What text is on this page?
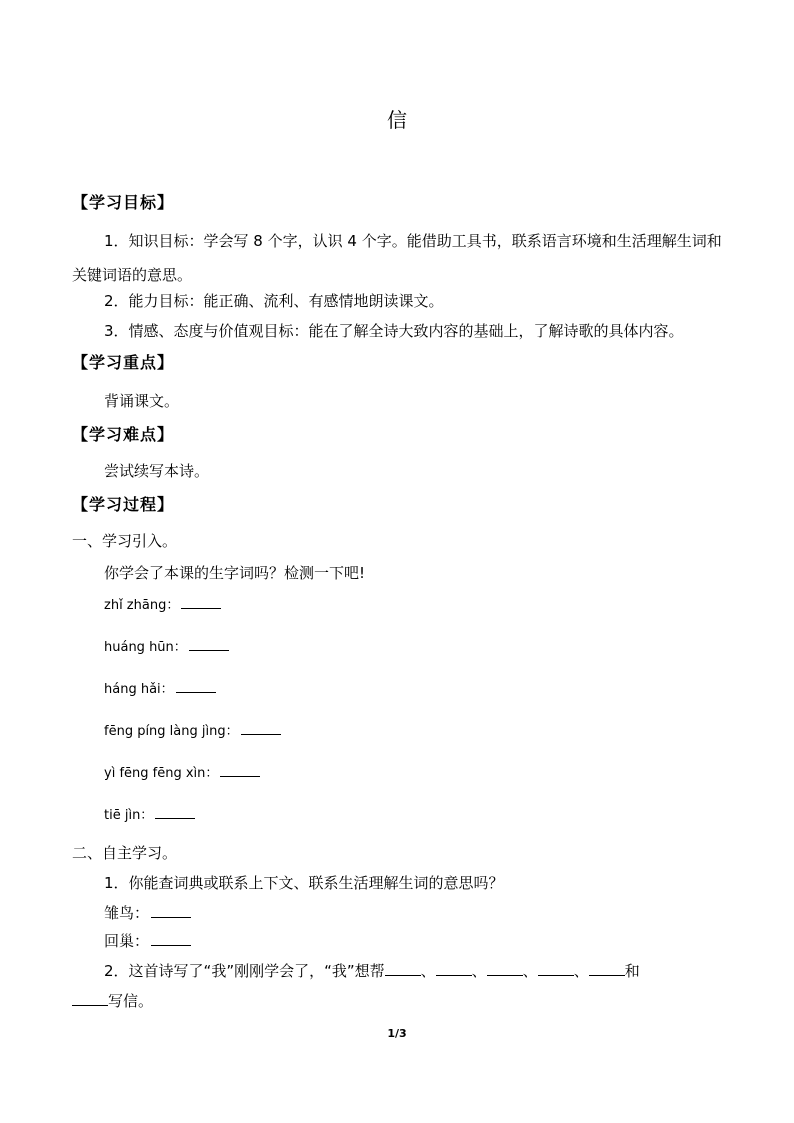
信
【学习目标】
1．知识目标：学会写 8 个字，认识 4 个字。能借助工具书，联系语言环境和生活理解生词和关键词语的意思。
2．能力目标：能正确、流利、有感情地朗读课文。
3．情感、态度与价值观目标：能在了解全诗大致内容的基础上，了解诗歌的具体内容。
【学习重点】
背诵课文。
【学习难点】
尝试续写本诗。
【学习过程】
一、学习引入。
你学会了本课的生字词吗？检测一下吧!
zhǐ zhāng：
huáng hūn：
háng hǎi：
fēng píng làng jìng：
yì fēng fēng xìn：
tiē jìn：
二、自主学习。
1．你能查词典或联系上下文、联系生活理解生词的意思吗？
雏鸟：
回巢：
2．这首诗写了“我”刚刚学会了，“我”想帮 、 、 、 、 和
写信。
1/3
